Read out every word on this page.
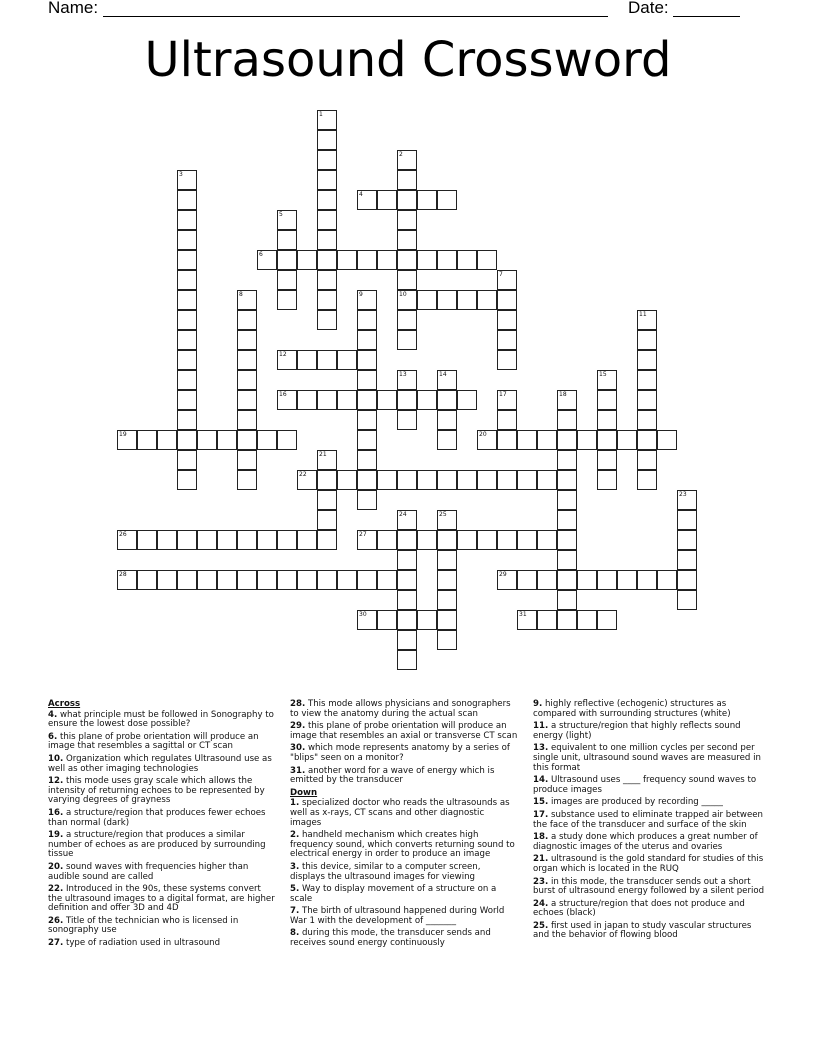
Name:	Date:
Ultrasound Crossword
1
2
10
3
4
5
6
7
8	9
11
12
13	14	15
16	17	18
19	20
21
22
23
24	25
26	27
28	29
30	31
Across
4. what principle must be followed in Sonography to ensure the lowest dose possible?
6. this plane of probe orientation will produce an image that resembles a sagittal or CT scan
10. Organization which regulates Ultrasound use as well as other imaging technologies
12. this mode uses gray scale which allows the intensity of returning echoes to be represented by varying degrees of grayness
16. a structure/region that produces fewer echoes than normal (dark)
19. a structure/region that produces a similar number of echoes as are produced by surrounding tissue
20. sound waves with frequencies higher than audible sound are called
22. Introduced in the 90s, these systems convert the ultrasound images to a digital format, are higher definition and offer 3D and 4D
26. Title of the technician who is licensed in sonography use
27. type of radiation used in ultrasound
28. This mode allows physicians and sonographers to view the anatomy during the actual scan
29. this plane of probe orientation will produce an image that resembles an axial or transverse CT scan
30. which mode represents anatomy by a series of "blips" seen on a monitor?
31. another word for a wave of energy which is emitted by the transducer
Down
1. specialized doctor who reads the ultrasounds as well as x-rays, CT scans and other diagnostic images
2. handheld mechanism which creates high frequency sound, which converts returning sound to electrical energy in order to produce an image
3. this device, similar to a computer screen, displays the ultrasound images for viewing
5. Way to display movement of a structure on a scale
7. The birth of ultrasound happened during World War 1 with the development of _______
8. during this mode, the transducer sends and receives sound energy continuously
9. highly reflective (echogenic) structures as compared with surrounding structures (white)
11. a structure/region that highly reflects sound energy (light)
13. equivalent to one million cycles per second per single unit, ultrasound sound waves are measured in this format
14. Ultrasound uses ____ frequency sound waves to produce images
15. images are produced by recording _____
17. substance used to eliminate trapped air between the face of the transducer and surface of the skin
18. a study done which produces a great number of diagnostic images of the uterus and ovaries
21. ultrasound is the gold standard for studies of this organ which is located in the RUQ
23. in this mode, the transducer sends out a short burst of ultrasound energy followed by a silent period
24. a structure/region that does not produce and echoes (black)
25. first used in japan to study vascular structures and the behavior of flowing blood
